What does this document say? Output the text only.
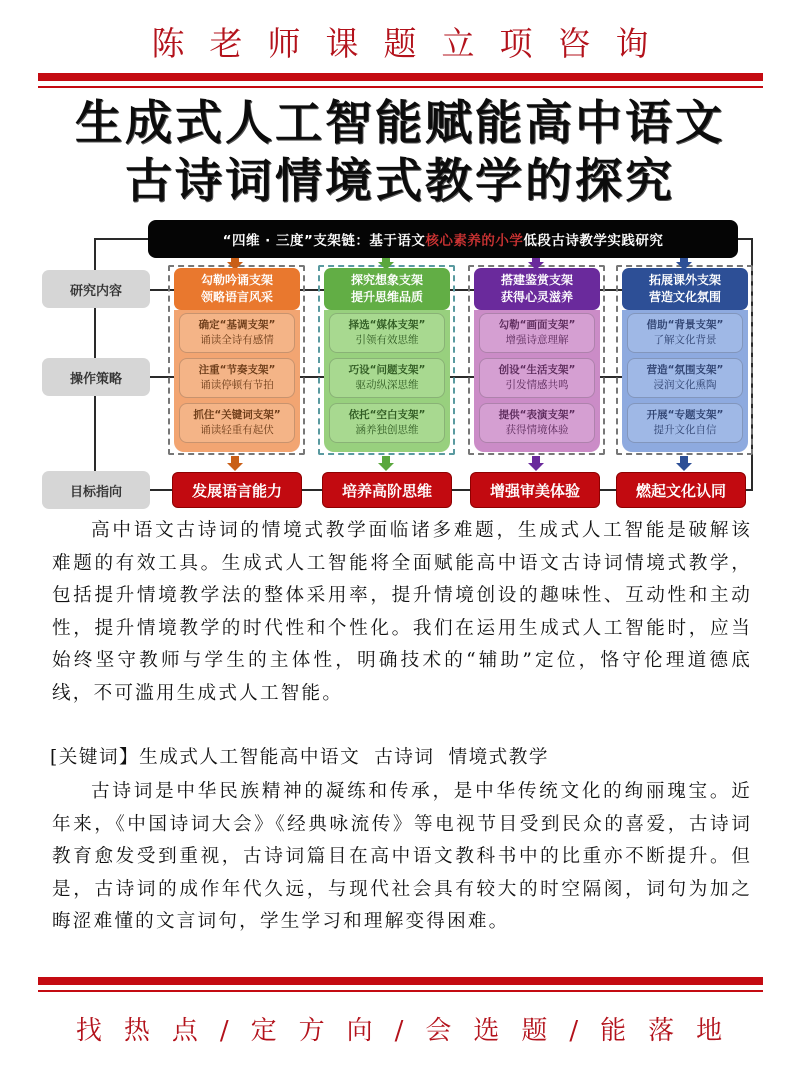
陈老师课题立项咨询
生成式人工智能赋能高中语文
古诗词情境式教学的探究
“四维 · 三度”支架链：基于语文 核心素养的小学 低段古诗教学实践研究
研究内容
操作策略
目标指向
确定“基调支架”
诵读全诗有感情
注重“节奏支架”
诵读停顿有节拍
抓住“关键词支架”
诵读轻重有起伏
勾勒吟诵支架
领略语言风采
发展语言能力
择选“媒体支架”
引领有效思维
巧设“问题支架”
驱动纵深思维
依托“空白支架”
涵养独创思维
探究想象支架
提升思维品质
培养高阶思维
勾勒“画面支架”
增强诗意理解
创设“生活支架”
引发情感共鸣
提供“表演支架”
获得情境体验
搭建鉴赏支架
获得心灵滋养
增强审美体验
借助“背景支架”
了解文化背景
营造“氛围支架”
浸润文化熏陶
开展“专题支架”
提升文化自信
拓展课外支架
营造文化氛围
燃起文化认同

高中语文古诗词的情境式教学面临诸多难题，生成式人工智能是破解该难题的有效工具。生成式人工智能将全面赋能高中语文古诗词情境式教学，包括提升情境教学法的整体采用率，提升情境创设的趣味性、互动性和主动性，提升情境教学的时代性和个性化。我们在运用生成式人工智能时，应当始终坚守教师与学生的主体性，明确技术的“辅助”定位，恪守伦理道德底线，不可滥用生成式人工智能。

[关键词】生成式人工智能高中语文 古诗词 情境式教学

古诗词是中华民族精神的凝练和传承，是中华传统文化的绚丽瑰宝。近年来，《中国诗词大会》《经典咏流传》等电视节目受到民众的喜爱，古诗词教育愈发受到重视，古诗词篇目在高中语文教科书中的比重亦不断提升。但是，古诗词的成作年代久远，与现代社会具有较大的时空隔阂，词句为加之晦涩难懂的文言词句，学生学习和理解变得困难。

找热点/定方向/会选题/能落地
